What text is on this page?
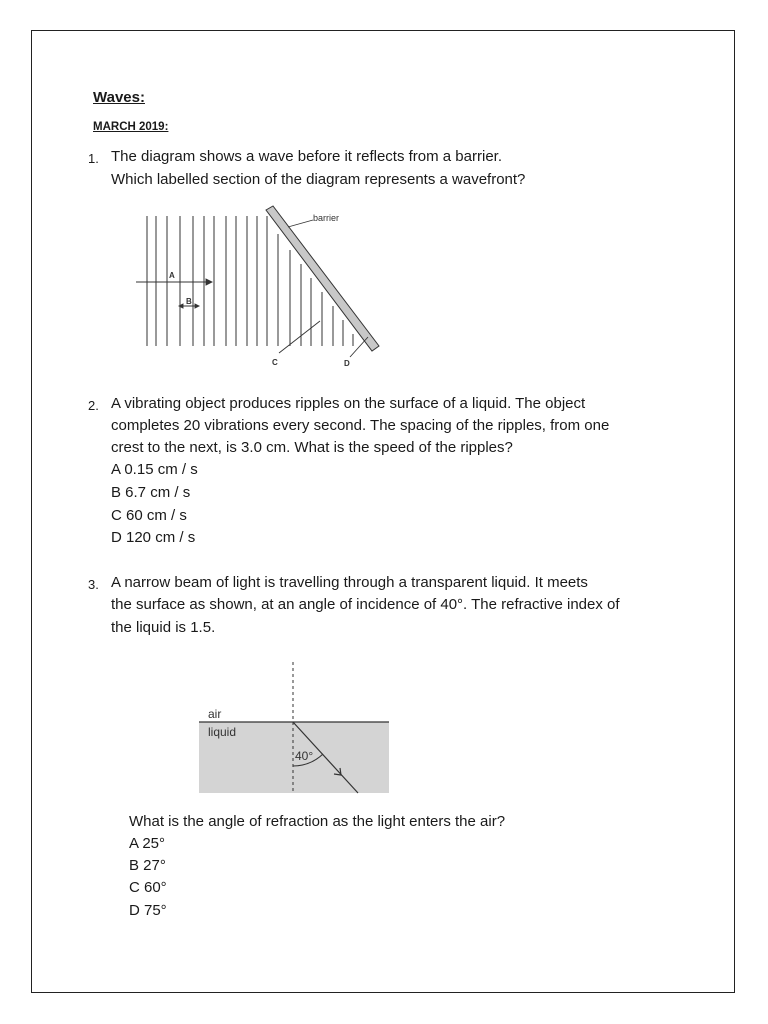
Waves:
MARCH 2019:
1. The diagram shows a wave before it reflects from a barrier.
Which labelled section of the diagram represents a wavefront?
barrier
A
B
C	D
2. A vibrating object produces ripples on the surface of a liquid. The object
completes 20 vibrations every second. The spacing of the ripples, from one
crest to the next, is 3.0 cm. What is the speed of the ripples?
A 0.15 cm / s
B 6.7 cm / s
C 60 cm / s
D 120 cm / s
3. A narrow beam of light is travelling through a transparent liquid. It meets
the surface as shown, at an angle of incidence of 40°. The refractive index of
the liquid is 1.5.
air
liquid
40°
What is the angle of refraction as the light enters the air?
A 25°
B 27°
C 60°
D 75°
